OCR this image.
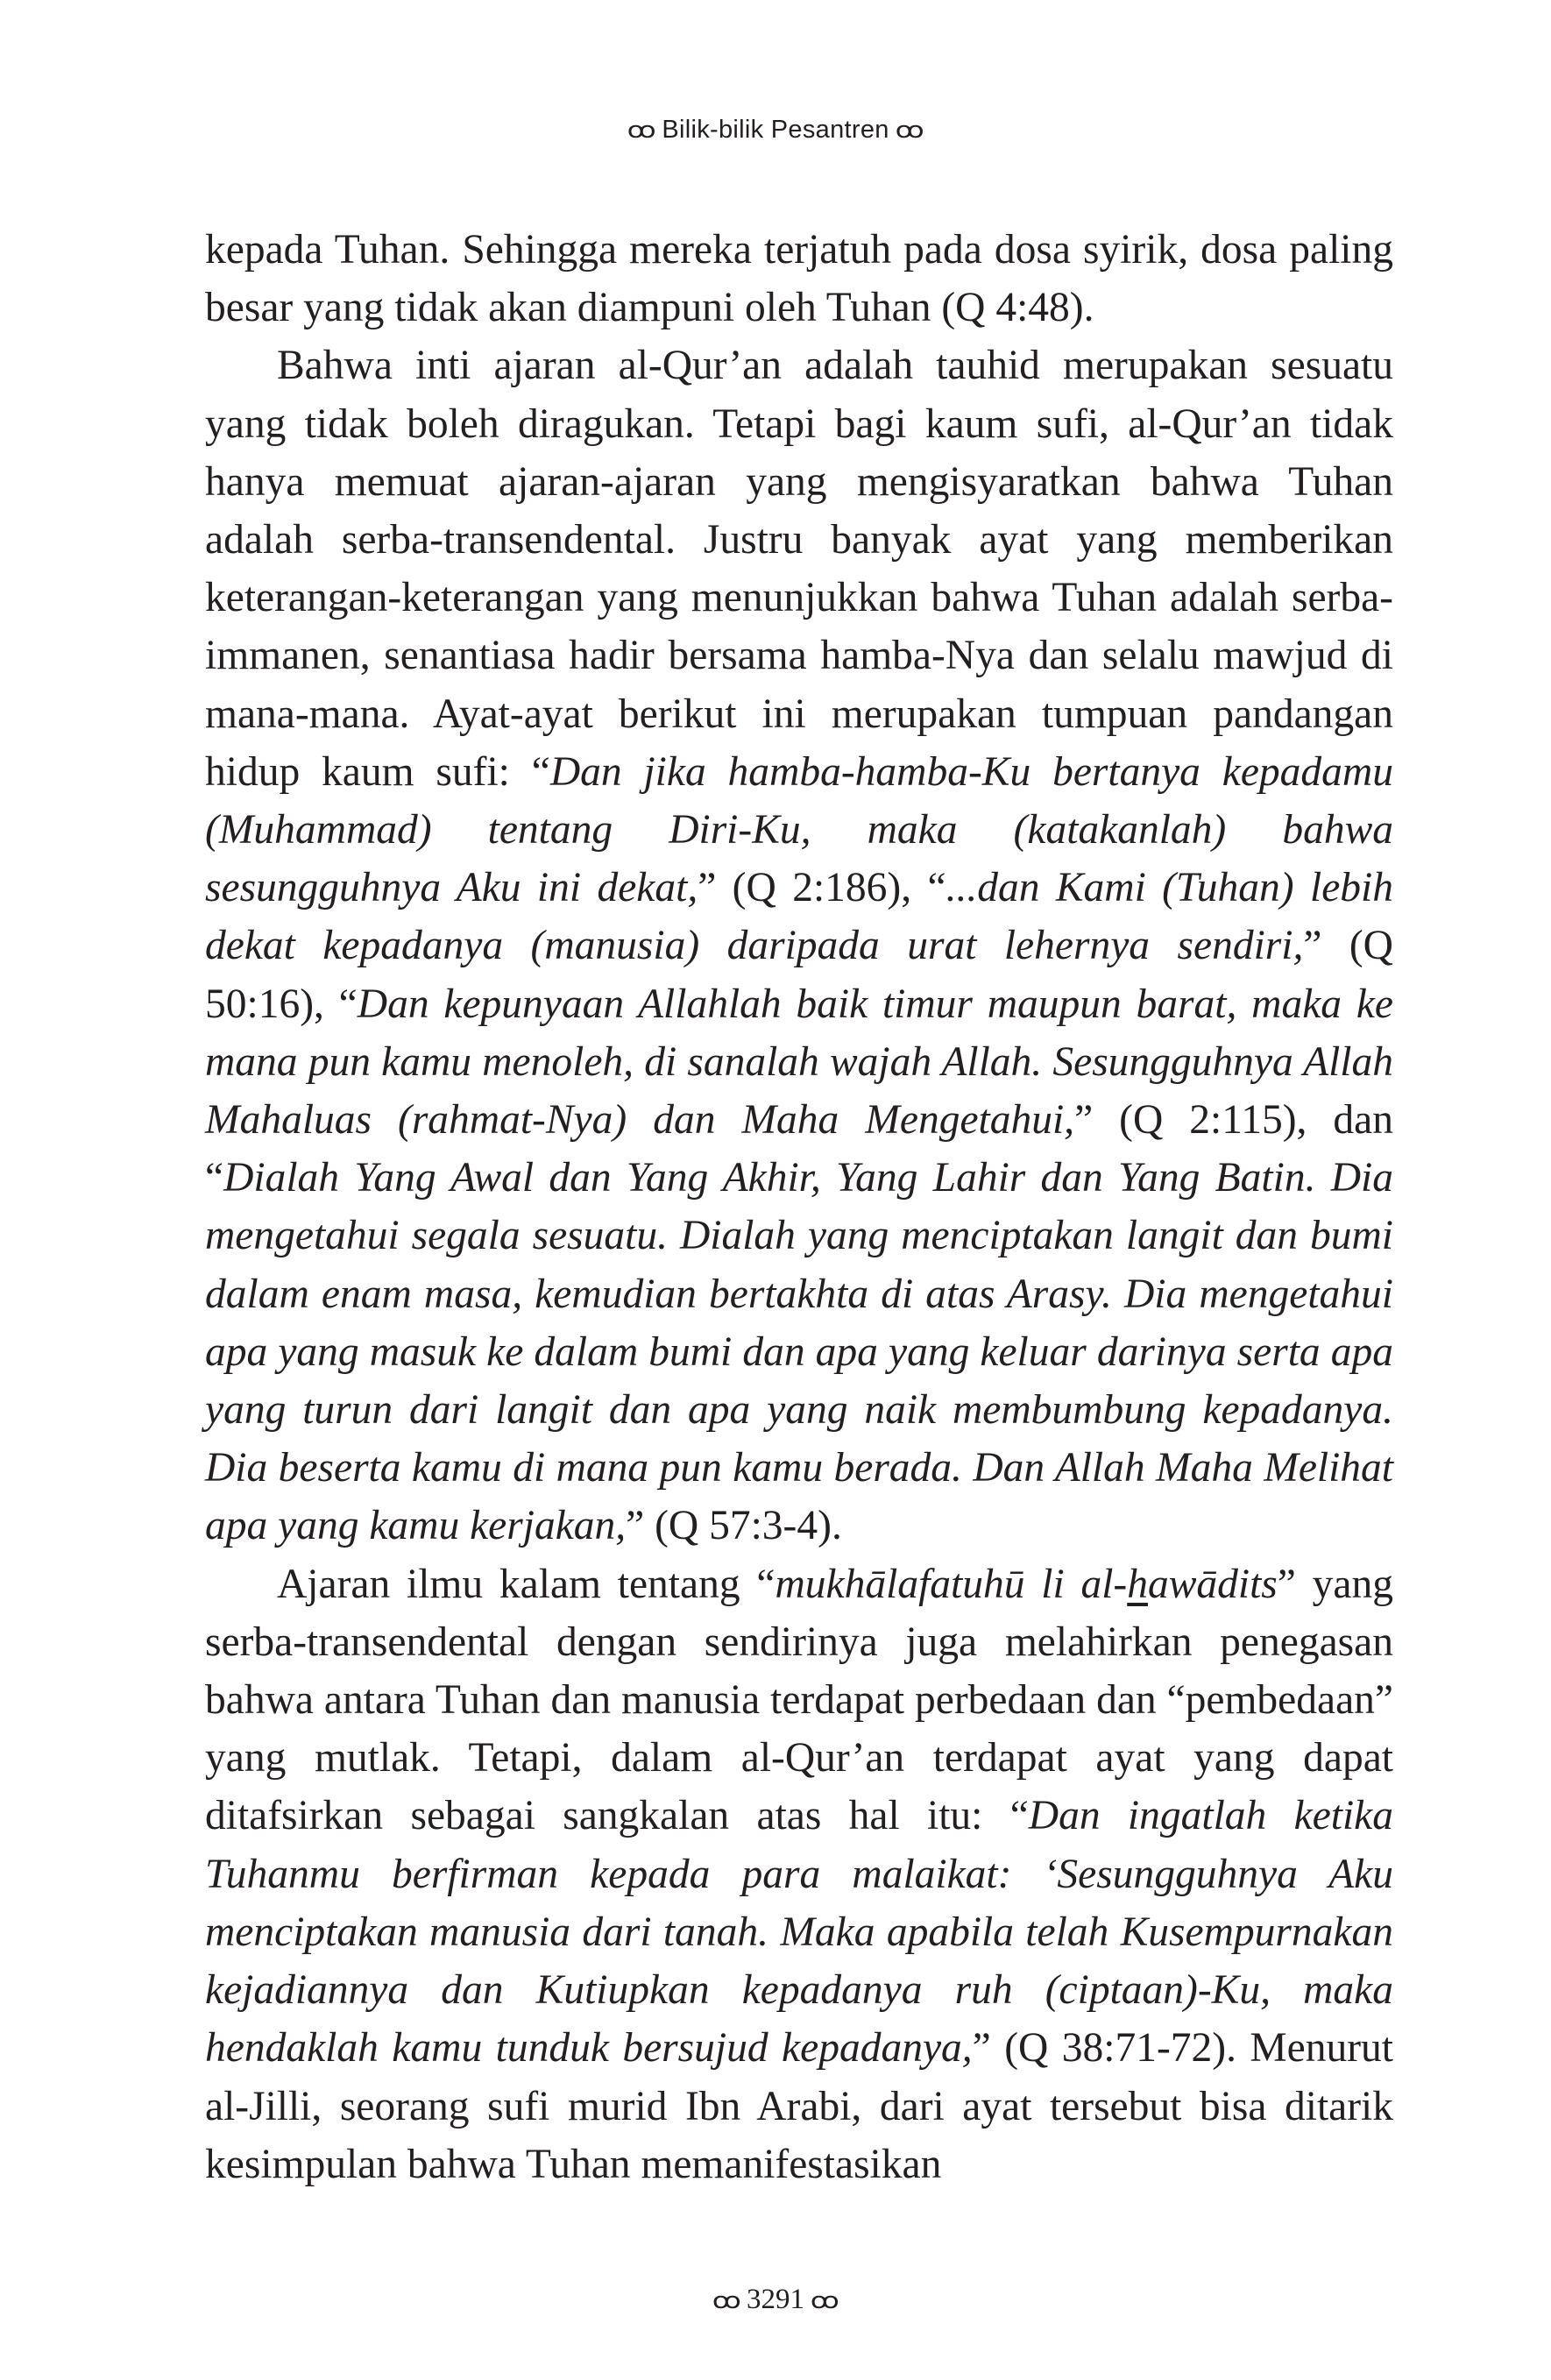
ꝏ Bilik-bilik Pesantren ꝏ

kepada Tuhan. Sehingga mereka terjatuh pada dosa syirik, dosa paling besar yang tidak akan diampuni oleh Tuhan (Q 4:48).

Bahwa inti ajaran al-Qur’an adalah tauhid merupakan sesuatu yang tidak boleh diragukan. Tetapi bagi kaum sufi, al-Qur’an tidak hanya memuat ajaran-ajaran yang mengisyaratkan bahwa Tuhan adalah serba-transendental. Justru banyak ayat yang memberikan keterangan-keterangan yang menunjukkan bahwa Tuhan adalah serba-immanen, senantiasa hadir bersama hamba-Nya dan selalu mawjud di mana-mana. Ayat-ayat berikut ini merupakan tumpuan pandangan hidup kaum sufi: “Dan jika hamba-hamba-Ku bertanya kepadamu (Muhammad) tentang Diri-Ku, maka (katakanlah) bahwa sesungguhnya Aku ini dekat,” (Q 2:186), “...dan Kami (Tuhan) lebih dekat kepadanya (manusia) daripada urat lehernya sendiri,” (Q 50:16), “Dan kepunyaan Allahlah baik timur maupun barat, maka ke mana pun kamu menoleh, di sanalah wajah Allah. Sesungguhnya Allah Mahaluas (rahmat-Nya) dan Maha Mengetahui,” (Q 2:115), dan “Dialah Yang Awal dan Yang Akhir, Yang Lahir dan Yang Batin. Dia mengetahui segala sesuatu. Dialah yang menciptakan langit dan bumi dalam enam masa, kemudian bertakhta di atas Arasy. Dia mengetahui apa yang masuk ke dalam bumi dan apa yang keluar darinya serta apa yang turun dari langit dan apa yang naik membumbung kepadanya. Dia beserta kamu di mana pun kamu berada. Dan Allah Maha Melihat apa yang kamu kerjakan,” (Q 57:3-4).

Ajaran ilmu kalam tentang “mukhālafatuhū li al-hawādits” yang serba-transendental dengan sendirinya juga melahirkan penegasan bahwa antara Tuhan dan manusia terdapat perbedaan dan “pembedaan” yang mutlak. Tetapi, dalam al-Qur’an terdapat ayat yang dapat ditafsirkan sebagai sangkalan atas hal itu: “Dan ingatlah ketika Tuhanmu berfirman kepada para malaikat: ‘Sesungguhnya Aku menciptakan manusia dari tanah. Maka apabila telah Kusempurnakan kejadiannya dan Kutiupkan kepadanya ruh (ciptaan)-Ku, maka hendaklah kamu tunduk bersujud kepadanya,” (Q 38:71-72). Menurut al-Jilli, seorang sufi murid Ibn Arabi, dari ayat tersebut bisa ditarik kesimpulan bahwa Tuhan memanifestasikan

ꝏ 3291 ꝏ
